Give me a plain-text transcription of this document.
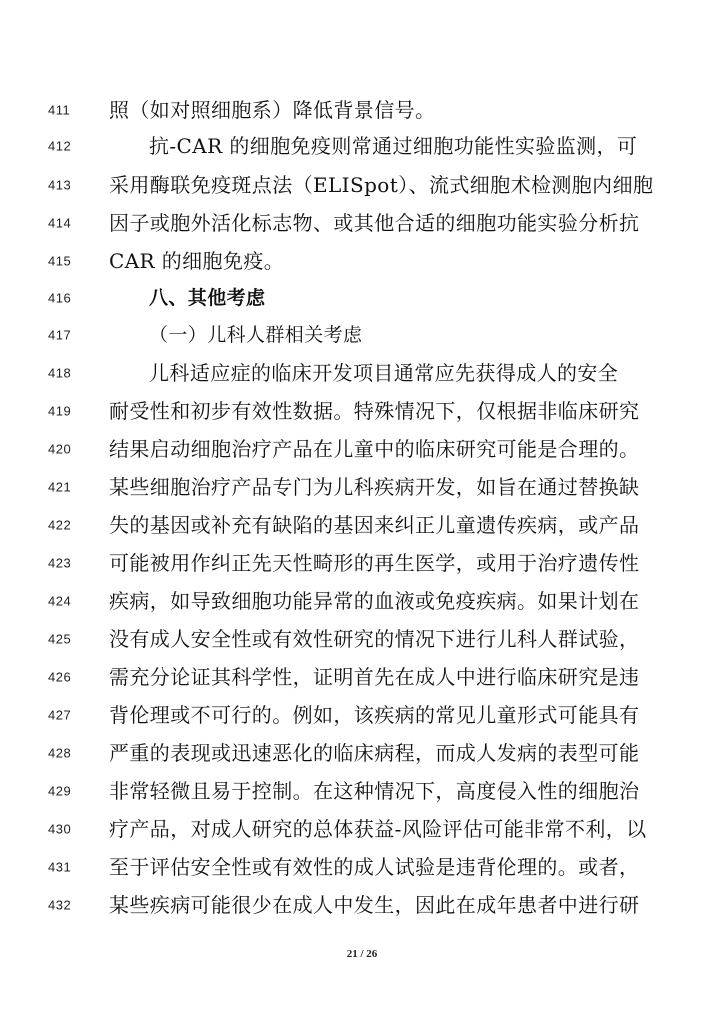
411 照（如对照细胞系）降低背景信号。
412	抗-CAR 的细胞免疫则常通过细胞功能性实验监测，可
413 采用酶联免疫斑点法（ELISpot）、流式细胞术检测胞内细胞
414 因子或胞外活化标志物、或其他合适的细胞功能实验分析抗
415 CAR 的细胞免疫。
416	八、其他考虑
417	（一）儿科人群相关考虑
418	儿科适应症的临床开发项目通常应先获得成人的安全
419 耐受性和初步有效性数据。特殊情况下，仅根据非临床研究
420 结果启动细胞治疗产品在儿童中的临床研究可能是合理的。
421 某些细胞治疗产品专门为儿科疾病开发，如旨在通过替换缺
422 失的基因或补充有缺陷的基因来纠正儿童遗传疾病，或产品
423 可能被用作纠正先天性畸形的再生医学，或用于治疗遗传性
424 疾病，如导致细胞功能异常的血液或免疫疾病。如果计划在
425 没有成人安全性或有效性研究的情况下进行儿科人群试验，
426 需充分论证其科学性，证明首先在成人中进行临床研究是违
427 背伦理或不可行的。例如，该疾病的常见儿童形式可能具有
428 严重的表现或迅速恶化的临床病程，而成人发病的表型可能
429 非常轻微且易于控制。在这种情况下，高度侵入性的细胞治
430 疗产品，对成人研究的总体获益-风险评估可能非常不利，以
431 至于评估安全性或有效性的成人试验是违背伦理的。或者，
432 某些疾病可能很少在成人中发生，因此在成年患者中进行研
21 / 26
